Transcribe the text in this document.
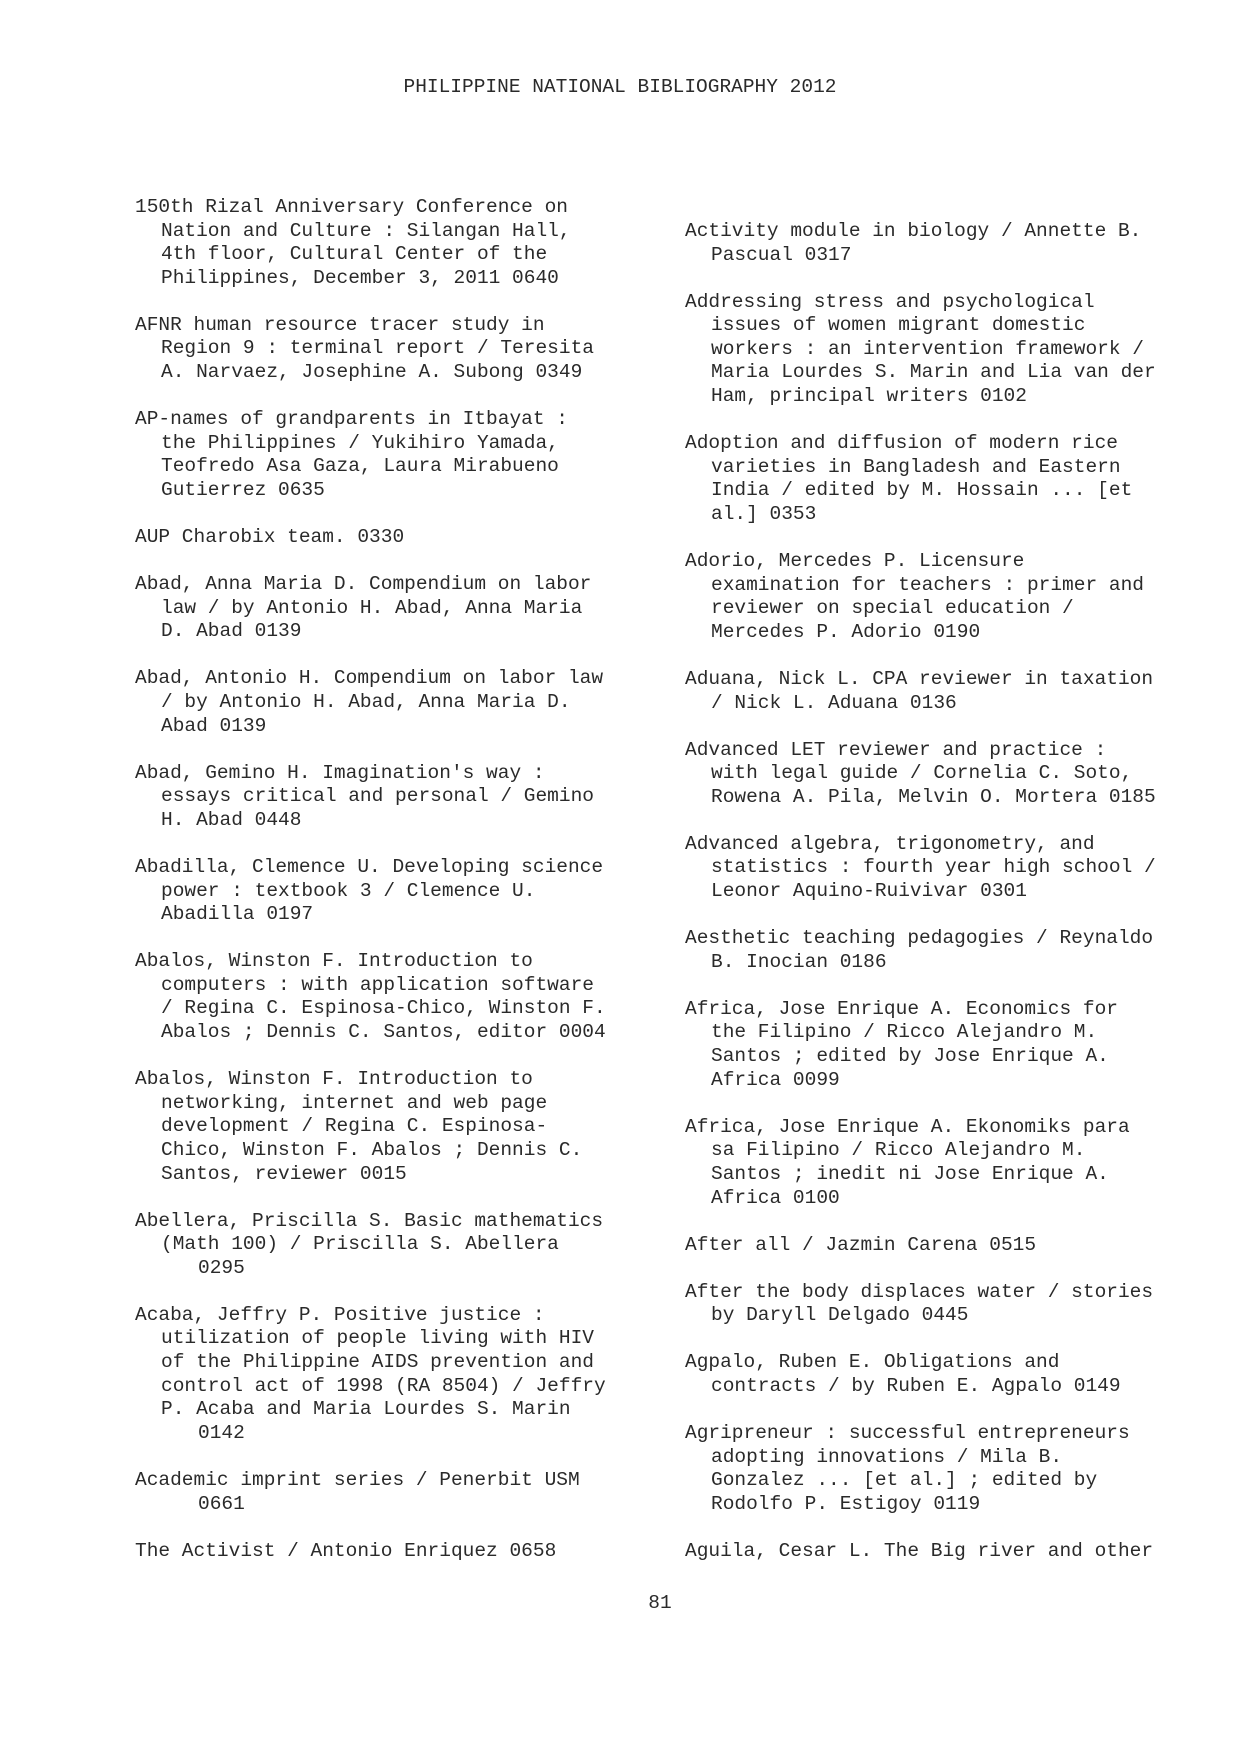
PHILIPPINE NATIONAL BIBLIOGRAPHY 2012
150th Rizal Anniversary Conference on
Nation and Culture : Silangan Hall,
4th floor, Cultural Center of the
Philippines, December 3, 2011 0640
AFNR human resource tracer study in
Region 9 : terminal report / Teresita
A. Narvaez, Josephine A. Subong 0349
AP-names of grandparents in Itbayat :
the Philippines / Yukihiro Yamada,
Teofredo Asa Gaza, Laura Mirabueno
Gutierrez 0635
AUP Charobix team. 0330
Abad, Anna Maria D. Compendium on labor
law / by Antonio H. Abad, Anna Maria
D. Abad 0139
Abad, Antonio H. Compendium on labor law
/ by Antonio H. Abad, Anna Maria D.
Abad 0139
Abad, Gemino H. Imagination's way :
essays critical and personal / Gemino
H. Abad 0448
Abadilla, Clemence U. Developing science
power : textbook 3 / Clemence U.
Abadilla 0197
Abalos, Winston F. Introduction to
computers : with application software
/ Regina C. Espinosa-Chico, Winston F.
Abalos ; Dennis C. Santos, editor 0004
Abalos, Winston F. Introduction to
networking, internet and web page
development / Regina C. Espinosa-
Chico, Winston F. Abalos ; Dennis C.
Santos, reviewer 0015
Abellera, Priscilla S. Basic mathematics
(Math 100) / Priscilla S. Abellera
0295
Acaba, Jeffry P. Positive justice :
utilization of people living with HIV
of the Philippine AIDS prevention and
control act of 1998 (RA 8504) / Jeffry
P. Acaba and Maria Lourdes S. Marin
0142
Academic imprint series / Penerbit USM
0661
The Activist / Antonio Enriquez 0658
Activity module in biology / Annette B.
Pascual 0317
Addressing stress and psychological
issues of women migrant domestic
workers : an intervention framework /
Maria Lourdes S. Marin and Lia van der
Ham, principal writers 0102
Adoption and diffusion of modern rice
varieties in Bangladesh and Eastern
India / edited by M. Hossain ... [et
al.] 0353
Adorio, Mercedes P. Licensure
examination for teachers : primer and
reviewer on special education /
Mercedes P. Adorio 0190
Aduana, Nick L. CPA reviewer in taxation
/ Nick L. Aduana 0136
Advanced LET reviewer and practice :
with legal guide / Cornelia C. Soto,
Rowena A. Pila, Melvin O. Mortera 0185
Advanced algebra, trigonometry, and
statistics : fourth year high school /
Leonor Aquino-Ruivivar 0301
Aesthetic teaching pedagogies / Reynaldo
B. Inocian 0186
Africa, Jose Enrique A. Economics for
the Filipino / Ricco Alejandro M.
Santos ; edited by Jose Enrique A.
Africa 0099
Africa, Jose Enrique A. Ekonomiks para
sa Filipino / Ricco Alejandro M.
Santos ; inedit ni Jose Enrique A.
Africa 0100
After all / Jazmin Carena 0515
After the body displaces water / stories
by Daryll Delgado 0445
Agpalo, Ruben E. Obligations and
contracts / by Ruben E. Agpalo 0149
Agripreneur : successful entrepreneurs
adopting innovations / Mila B.
Gonzalez ... [et al.] ; edited by
Rodolfo P. Estigoy 0119
Aguila, Cesar L. The Big river and other
81
